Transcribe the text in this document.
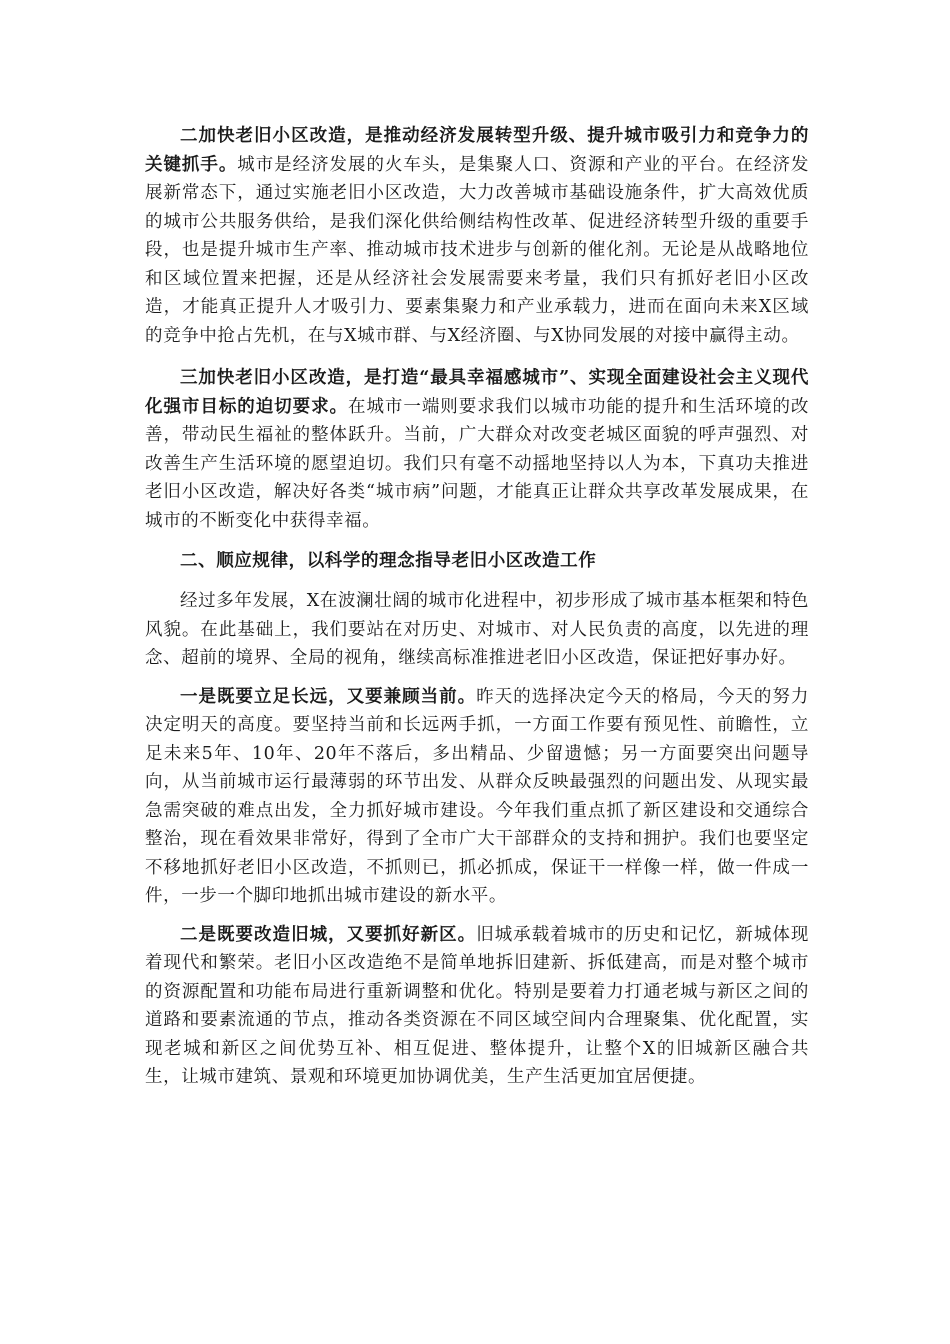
二加快老旧小区改造，是推动经济发展转型升级、提升城市吸引力和竞争力的关键抓手。城市是经济发展的火车头，是集聚人口、资源和产业的平台。在经济发展新常态下，通过实施老旧小区改造，大力改善城市基础设施条件，扩大高效优质的城市公共服务供给，是我们深化供给侧结构性改革、促进经济转型升级的重要手段，也是提升城市生产率、推动城市技术进步与创新的催化剂。无论是从战略地位和区域位置来把握，还是从经济社会发展需要来考量，我们只有抓好老旧小区改造，才能真正提升人才吸引力、要素集聚力和产业承载力，进而在面向未来X区域的竞争中抢占先机，在与X城市群、与X经济圈、与X协同发展的对接中赢得主动。

三加快老旧小区改造，是打造“最具幸福感城市”、实现全面建设社会主义现代化强市目标的迫切要求。在城市一端则要求我们以城市功能的提升和生活环境的改善，带动民生福祉的整体跃升。当前，广大群众对改变老城区面貌的呼声强烈、对改善生产生活环境的愿望迫切。我们只有毫不动摇地坚持以人为本，下真功夫推进老旧小区改造，解决好各类“城市病”问题，才能真正让群众共享改革发展成果，在城市的不断变化中获得幸福。

二、顺应规律，以科学的理念指导老旧小区改造工作

经过多年发展，X在波澜壮阔的城市化进程中，初步形成了城市基本框架和特色风貌。在此基础上，我们要站在对历史、对城市、对人民负责的高度，以先进的理念、超前的境界、全局的视角，继续高标准推进老旧小区改造，保证把好事办好。

一是既要立足长远，又要兼顾当前。昨天的选择决定今天的格局，今天的努力决定明天的高度。要坚持当前和长远两手抓，一方面工作要有预见性、前瞻性，立足未来5年、10年、20年不落后，多出精品、少留遗憾；另一方面要突出问题导向，从当前城市运行最薄弱的环节出发、从群众反映最强烈的问题出发、从现实最急需突破的难点出发，全力抓好城市建设。今年我们重点抓了新区建设和交通综合整治，现在看效果非常好，得到了全市广大干部群众的支持和拥护。我们也要坚定不移地抓好老旧小区改造，不抓则已，抓必抓成，保证干一样像一样，做一件成一件，一步一个脚印地抓出城市建设的新水平。

二是既要改造旧城，又要抓好新区。旧城承载着城市的历史和记忆，新城体现着现代和繁荣。老旧小区改造绝不是简单地拆旧建新、拆低建高，而是对整个城市的资源配置和功能布局进行重新调整和优化。特别是要着力打通老城与新区之间的道路和要素流通的节点，推动各类资源在不同区域空间内合理聚集、优化配置，实现老城和新区之间优势互补、相互促进、整体提升，让整个X的旧城新区融合共生，让城市建筑、景观和环境更加协调优美，生产生活更加宜居便捷。
